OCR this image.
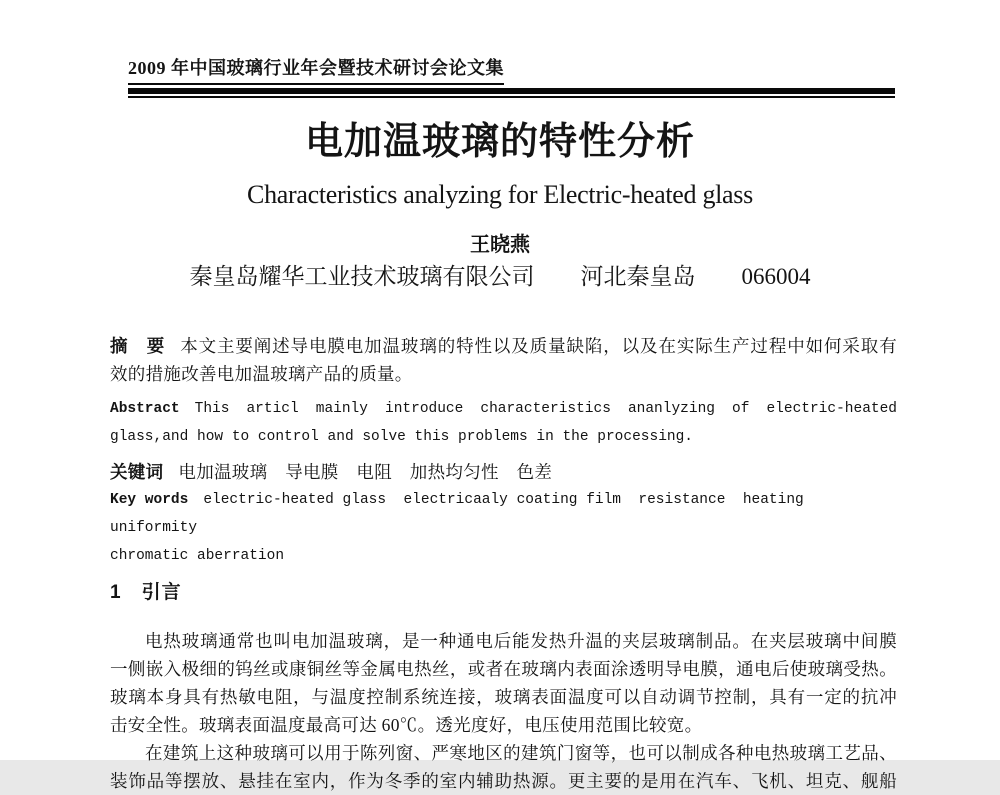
2009 年中国玻璃行业年会暨技术研讨会论文集
电加温玻璃的特性分析
Characteristics analyzing for Electric-heated glass
王晓燕
秦皇岛耀华工业技术玻璃有限公司　　河北秦皇岛　　066004
摘　要 本文主要阐述导电膜电加温玻璃的特性以及质量缺陷，以及在实际生产过程中如何采取有
效的措施改善电加温玻璃产品的质量。
Abstract This articl mainly introduce characteristics ananlyzing of electric-heated
glass,and how to control and solve this problems in the processing.
关键词 电加温玻璃　导电膜　电阻　加热均匀性　色差
Key words electric-heated glass  electricaaly coating film  resistance  heating uniformity
chromatic aberration
1　引言
电热玻璃通常也叫电加温玻璃，是一种通电后能发热升温的夹层玻璃制品。在夹层玻璃中间膜
一侧嵌入极细的钨丝或康铜丝等金属电热丝，或者在玻璃内表面涂透明导电膜，通电后使玻璃受热。
玻璃本身具有热敏电阻，与温度控制系统连接，玻璃表面温度可以自动调节控制，具有一定的抗冲
击安全性。玻璃表面温度最高可达 60℃。透光度好，电压使用范围比较宽。
在建筑上这种玻璃可以用于陈列窗、严寒地区的建筑门窗等，也可以制成各种电热玻璃工艺品、
装饰品等摆放、悬挂在室内，作为冬季的室内辅助热源。更主要的是用在汽车、飞机、坦克、舰船
